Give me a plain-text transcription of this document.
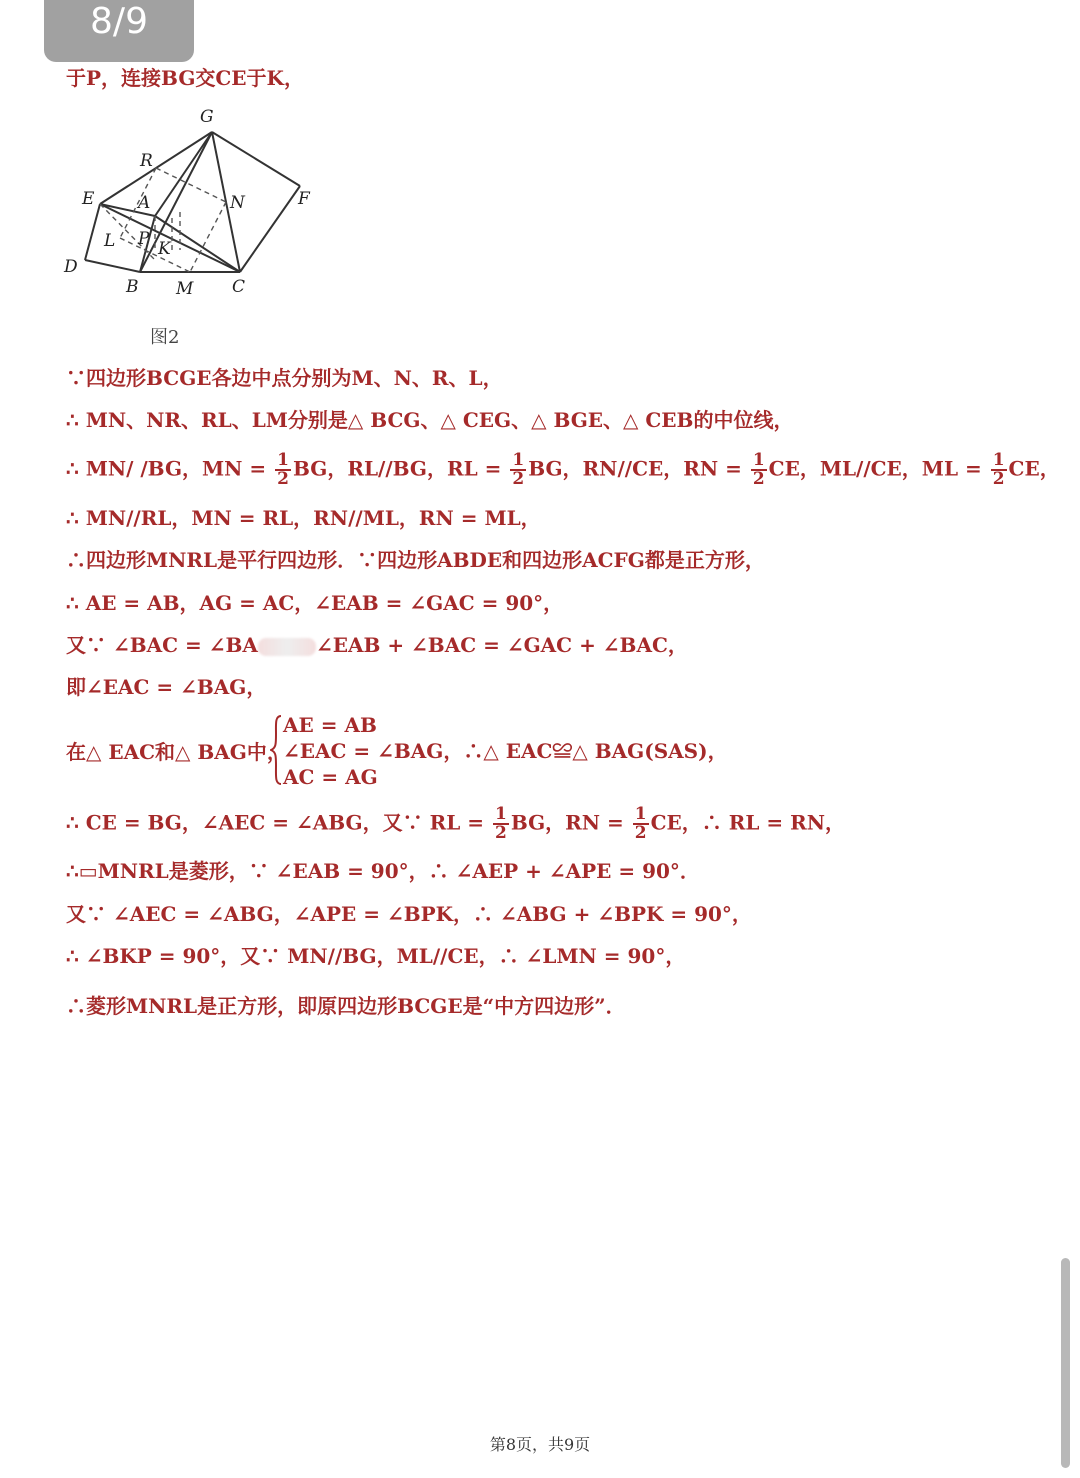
8/9
于P，连接BG交CE于K，
G
R
E	A	N	F
L P K
D
B M C
图2
∵四边形BCGE各边中点分别为M、N、R、L，
∴ MN、NR、RL、LM分别是△ BCG、△ CEG、△ BGE、△ CEB的中位线，
∴ MN/ /BG，MN = $\frac{1}{2}$ BG，RL//BG，RL = $\frac{1}{2}$ BG，RN//CE，RN = $\frac{1}{2}$ CE，ML//CE，ML = $\frac{1}{2}$ CE，
∴ MN//RL，MN = RL，RN//ML，RN = ML，
∴四边形MNRL是平行四边形．∵四边形ABDE和四边形ACFG都是正方形，
∴ AE = AB，AG = AC，∠EAB = ∠GAC = 90°，
又∵ ∠BAC = ∠BA	∠EAB + ∠BAC = ∠GAC + ∠BAC，
即∠EAC = ∠BAG，
在△ EAC和△ BAG中，
AE = AB
∠EAC = ∠BAG，∴△ EAC≌△ BAG(SAS)，
AC = AG
∴ CE = BG，∠AEC = ∠ABG，又∵ RL = $\frac{1}{2}$ BG，RN = $\frac{1}{2}$ CE，∴ RL = RN，
∴▭MNRL是菱形，∵ ∠EAB = 90°，∴ ∠AEP + ∠APE = 90°．
又∵ ∠AEC = ∠ABG，∠APE = ∠BPK，∴ ∠ABG + ∠BPK = 90°，
∴ ∠BKP = 90°，又∵ MN//BG，ML//CE，∴ ∠LMN = 90°，
∴菱形MNRL是正方形，即原四边形BCGE是“中方四边形”．
第8页，共9页
